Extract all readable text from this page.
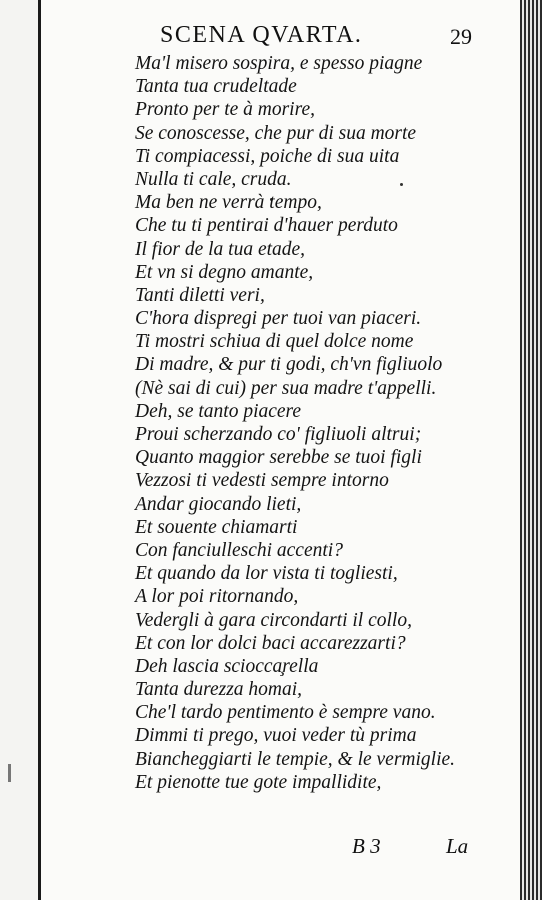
SCENA QVARTA.	29
Ma'l misero sospira, e spesso piagne
Tanta tua crudeltade
Pronto per te à morire,
Se conoscesse, che pur di sua morte
Ti compiacessi, poiche di sua uita
Nulla ti cale, cruda.
Ma ben ne verrà tempo,
Che tu ti pentirai d'hauer perduto
Il fior de la tua etade,
Et vn si degno amante,
Tanti diletti veri,
C'hora dispregi per tuoi van piaceri.
Ti mostri schiua di quel dolce nome
Di madre, & pur ti godi, ch'vn figliuolo
(Nè sai di cui) per sua madre t'appelli.
Deh, se tanto piacere
Proui scherzando co' figliuoli altrui;
Quanto maggior serebbe se tuoi figli
Vezzosi ti vedesti sempre intorno
Andar giocando lieti,
Et souente chiamarti
Con fanciulleschi accenti?
Et quando da lor vista ti togliesti,
A lor poi ritornando,
Vedergli à gara circondarti il collo,
Et con lor dolci baci accarezzarti?
Deh lascia sciocca̧rella
Tanta durezza homai,
Che'l tardo pentimento è sempre vano.
Dimmi ti prego, vuoi veder tù prima
Biancheggiarti le tempie, & le vermiglie.
Et pienotte tue gote impallidite,
B 3	La
